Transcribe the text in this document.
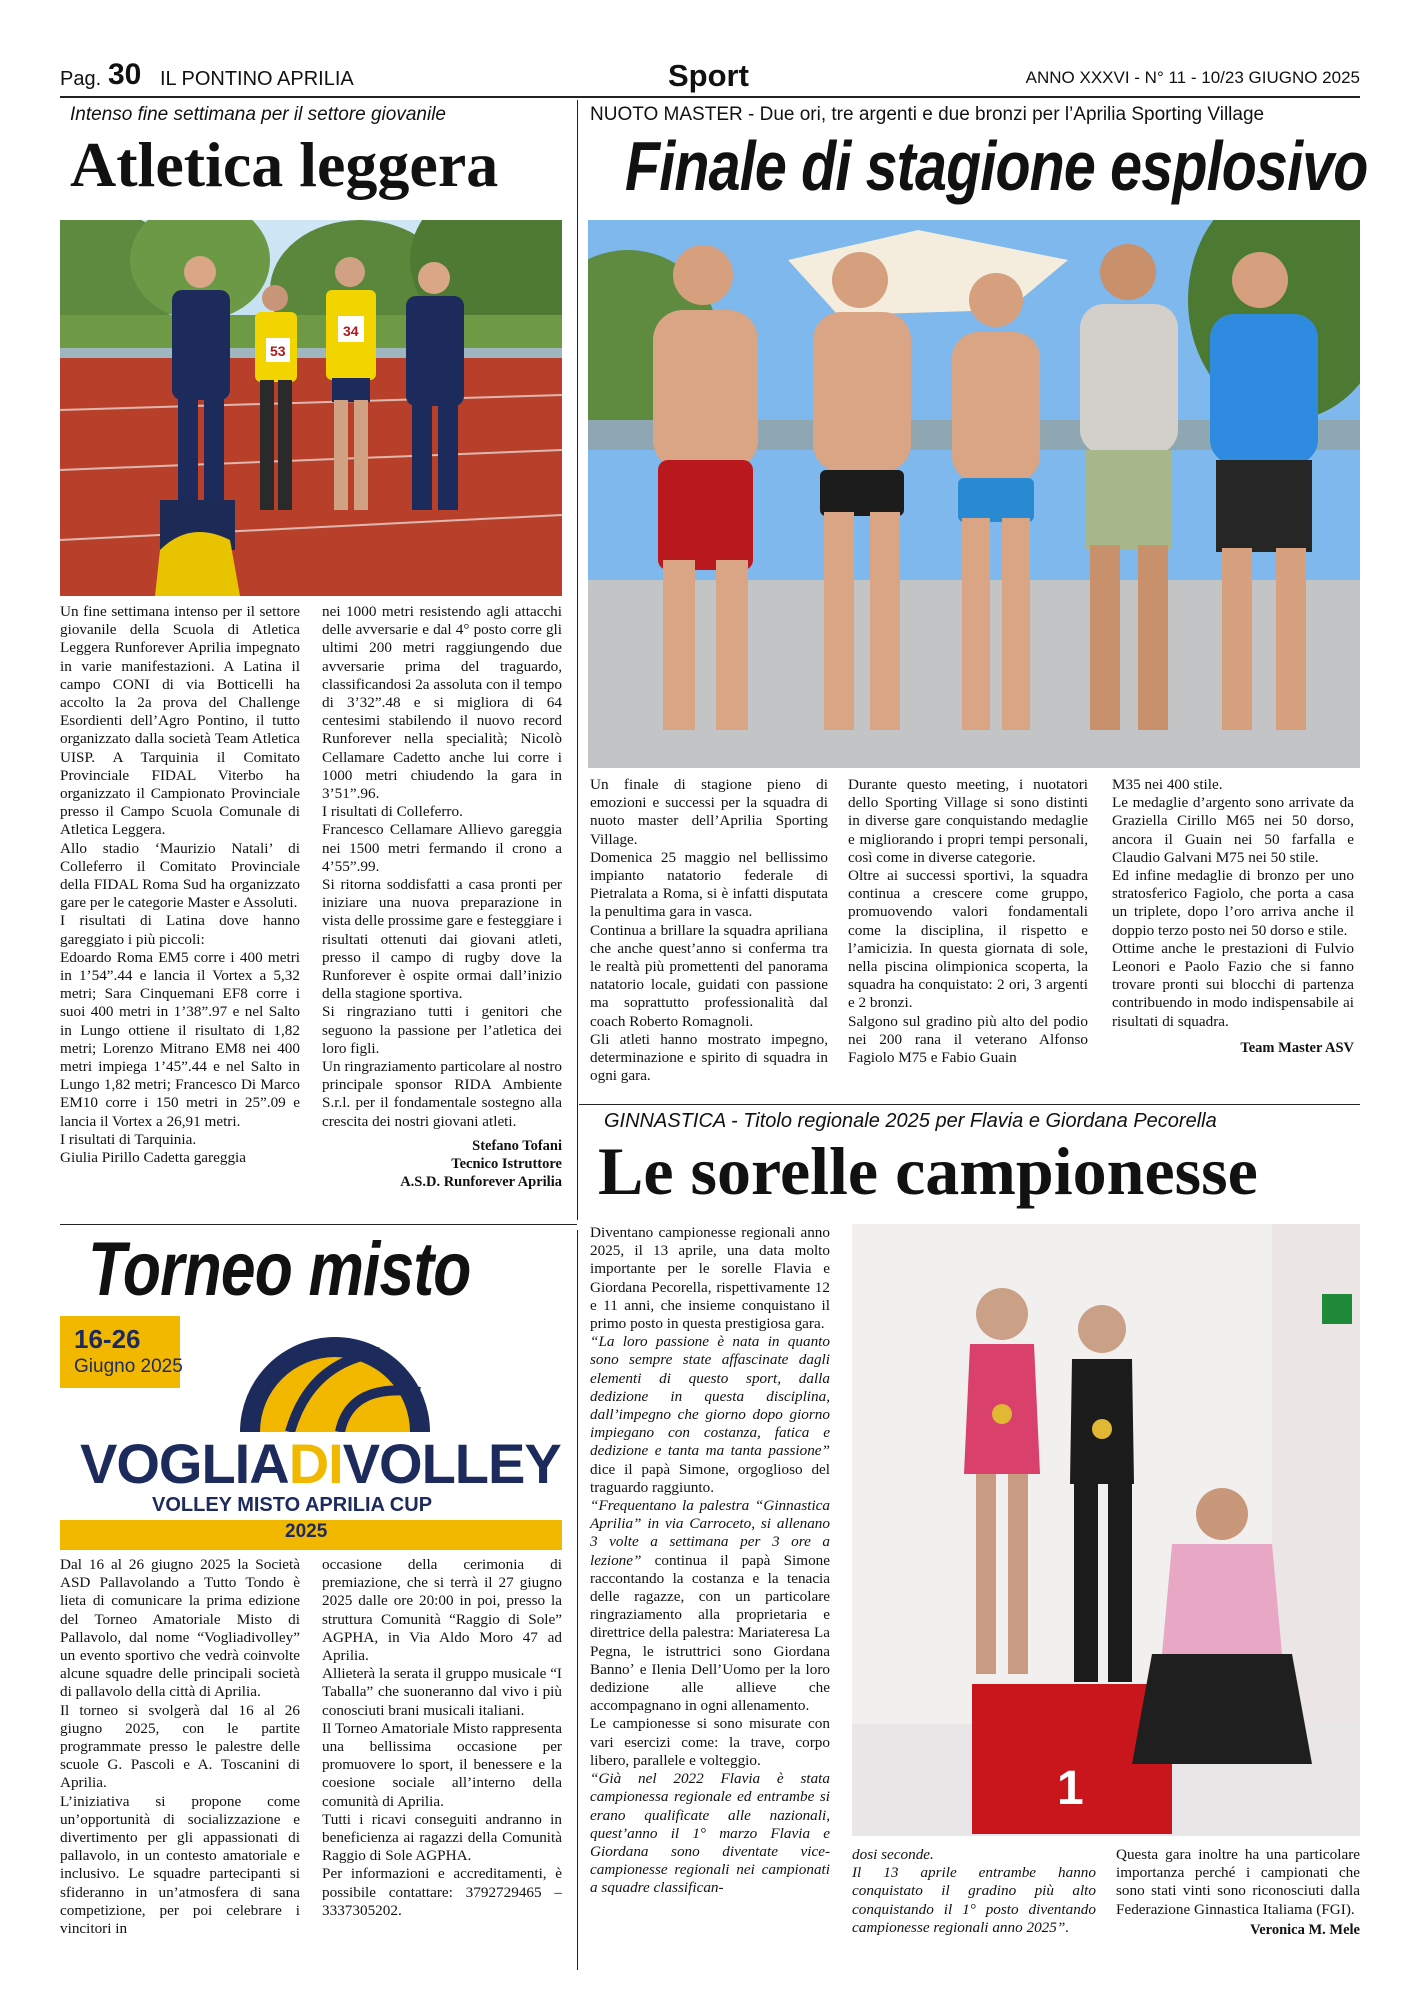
Pag. 30 IL PONTINO APRILIA	Sport	ANNO XXXVI - N° 11 - 10/23 GIUGNO 2025
Intenso fine settimana per il settore giovanile
Atletica leggera
53
34

Un fine settimana intenso per il settore giovanile della Scuola di Atletica Leggera Runforever Aprilia impegnato in varie manifestazioni. A Latina il campo CONI di via Botticelli ha accolto la 2a prova del Challenge Esordienti dell’Agro Pontino, il tutto organizzato dalla società Team Atletica UISP. A Tarquinia il Comitato Provinciale FIDAL Viterbo ha organizzato il Campionato Provinciale presso il Campo Scuola Comunale di Atletica Leggera.

Allo stadio ‘Maurizio Natali’ di Colleferro il Comitato Provinciale della FIDAL Roma Sud ha organizzato gare per le categorie Master e Assoluti.

I risultati di Latina dove hanno gareggiato i più piccoli:

Edoardo Roma EM5 corre i 400 metri in 1’54”.44 e lancia il Vortex a 5,32 metri; Sara Cinquemani EF8 corre i suoi 400 metri in 1’38”.97 e nel Salto in Lungo ottiene il risultato di 1,82 metri; Lorenzo Mitrano EM8 nei 400 metri impiega 1’45”.44 e nel Salto in Lungo 1,82 metri; Francesco Di Marco EM10 corre i 150 metri in 25”.09 e lancia il Vortex a 26,91 metri.

I risultati di Tarquinia.

Giulia Pirillo Cadetta gareggia

nei 1000 metri resistendo agli attacchi delle avversarie e dal 4° posto corre gli ultimi 200 metri raggiungendo due avversarie prima del traguardo, classificandosi 2a assoluta con il tempo di 3’32”.48 e si migliora di 64 centesimi stabilendo il nuovo record Runforever nella specialità; Nicolò Cellamare Cadetto anche lui corre i 1000 metri chiudendo la gara in 3’51”.96.

I risultati di Colleferro.

Francesco Cellamare Allievo gareggia nei 1500 metri fermando il crono a 4’55”.99.

Si ritorna soddisfatti a casa pronti per iniziare una nuova preparazione in vista delle prossime gare e festeggiare i risultati ottenuti dai giovani atleti, presso il campo di rugby dove la Runforever è ospite ormai dall’inizio della stagione sportiva.

Si ringraziano tutti i genitori che seguono la passione per l’atletica dei loro figli.

Un ringraziamento particolare al nostro principale sponsor RIDA Ambiente S.r.l. per il fondamentale sostegno alla crescita dei nostri giovani atleti.

Stefano Tofani
Tecnico Istruttore
A.S.D. Runforever Aprilia
NUOTO MASTER - Due ori, tre argenti e due bronzi per l’Aprilia Sporting Village
Finale di stagione esplosivo

Un finale di stagione pieno di emozioni e successi per la squadra di nuoto master dell’Aprilia Sporting Village.

Domenica 25 maggio nel bellissimo impianto natatorio federale di Pietralata a Roma, si è infatti disputata la penultima gara in vasca.

Continua a brillare la squadra apriliana che anche quest’anno si conferma tra le realtà più promettenti del panorama natatorio locale, guidati con passione ma soprattutto professionalità dal coach Roberto Romagnoli.

Gli atleti hanno mostrato impegno, determinazione e spirito di squadra in ogni gara.

Durante questo meeting, i nuotatori dello Sporting Village si sono distinti in diverse gare conquistando medaglie e migliorando i propri tempi personali, così come in diverse categorie.

Oltre ai successi sportivi, la squadra continua a crescere come gruppo, promuovendo valori fondamentali come la disciplina, il rispetto e l’amicizia. In questa giornata di sole, nella piscina olimpionica scoperta, la squadra ha conquistato: 2 ori, 3 argenti e 2 bronzi.

Salgono sul gradino più alto del podio nei 200 rana il veterano Alfonso Fagiolo M75 e Fabio Guain

M35 nei 400 stile.

Le medaglie d’argento sono arrivate da Graziella Cirillo M65 nei 50 dorso, ancora il Guain nei 50 farfalla e Claudio Galvani M75 nei 50 stile.

Ed infine medaglie di bronzo per uno stratosferico Fagiolo, che porta a casa un triplete, dopo l’oro arriva anche il doppio terzo posto nei 50 dorso e stile.

Ottime anche le prestazioni di Fulvio Leonori e Paolo Fazio che si fanno trovare pronti sui blocchi di partenza contribuendo in modo indispensabile ai risultati di squadra.

Team Master ASV
Torneo misto
16-26
Giugno 2025
VOGLIADIVOLLEY
VOLLEY MISTO APRILIA CUP
2025

Dal 16 al 26 giugno 2025 la Società ASD Pallavolando a Tutto Tondo è lieta di comunicare la prima edizione del Torneo Amatoriale Misto di Pallavolo, dal nome “Vogliadivolley” un evento sportivo che vedrà coinvolte alcune squadre delle principali società di pallavolo della città di Aprilia.

Il torneo si svolgerà dal 16 al 26 giugno 2025, con le partite programmate presso le palestre delle scuole G. Pascoli e A. Toscanini di Aprilia.

L’iniziativa si propone come un’opportunità di socializzazione e divertimento per gli appassionati di pallavolo, in un contesto amatoriale e inclusivo. Le squadre partecipanti si sfideranno in un’atmosfera di sana competizione, per poi celebrare i vincitori in

occasione della cerimonia di premiazione, che si terrà il 27 giugno 2025 dalle ore 20:00 in poi, presso la struttura Comunità “Raggio di Sole” AGPHA, in Via Aldo Moro 47 ad Aprilia.

Allieterà la serata il gruppo musicale “I Taballa” che suoneranno dal vivo i più conosciuti brani musicali italiani.

Il Torneo Amatoriale Misto rappresenta una bellissima occasione per promuovere lo sport, il benessere e la coesione sociale all’interno della comunità di Aprilia.

Tutti i ricavi conseguiti andranno in beneficienza ai ragazzi della Comunità Raggio di Sole AGPHA.

Per informazioni e accreditamenti, è possibile contattare: 3792729465 – 3337305202.

GINNASTICA - Titolo regionale 2025 per Flavia e Giordana Pecorella
Le sorelle campionesse

Diventano campionesse regionali anno 2025, il 13 aprile, una data molto importante per le sorelle Flavia e Giordana Pecorella, rispettivamente 12 e 11 anni, che insieme conquistano il primo posto in questa prestigiosa gara.

“La loro passione è nata in quanto sono sempre state affascinate dagli elementi di questo sport, dalla dedizione in questa disciplina, dall’impegno che giorno dopo giorno impiegano con costanza, fatica e dedizione e tanta ma tanta passione” dice il papà Simone, orgoglioso del traguardo raggiunto.

“Frequentano la palestra “Ginnastica Aprilia” in via Carroceto, si allenano 3 volte a settimana per 3 ore a lezione” continua il papà Simone raccontando la costanza e la tenacia delle ragazze, con un particolare ringraziamento alla proprietaria e direttrice della palestra: Mariateresa La Pegna, le istruttrici sono Giordana Bannoʼ e Ilenia Dell’Uomo per la loro dedizione alle allieve che accompagnano in ogni allenamento.

Le campionesse si sono misurate con vari esercizi come: la trave, corpo libero, parallele e volteggio.

“Già nel 2022 Flavia è stata campionessa regionale ed entrambe si erano qualificate alle nazionali, quest’anno il 1° marzo Flavia e Giordana sono diventate vice-campionesse regionali nei campionati a squadre classifican-

1

dosi seconde.

Il 13 aprile entrambe hanno conquistato il gradino più alto conquistando il 1° posto diventando campionesse regionali anno 2025”.

Questa gara inoltre ha una particolare importanza perché i campionati che sono stati vinti sono riconosciuti dalla Federazione Ginnastica Italiama (FGI).

Veronica M. Mele
